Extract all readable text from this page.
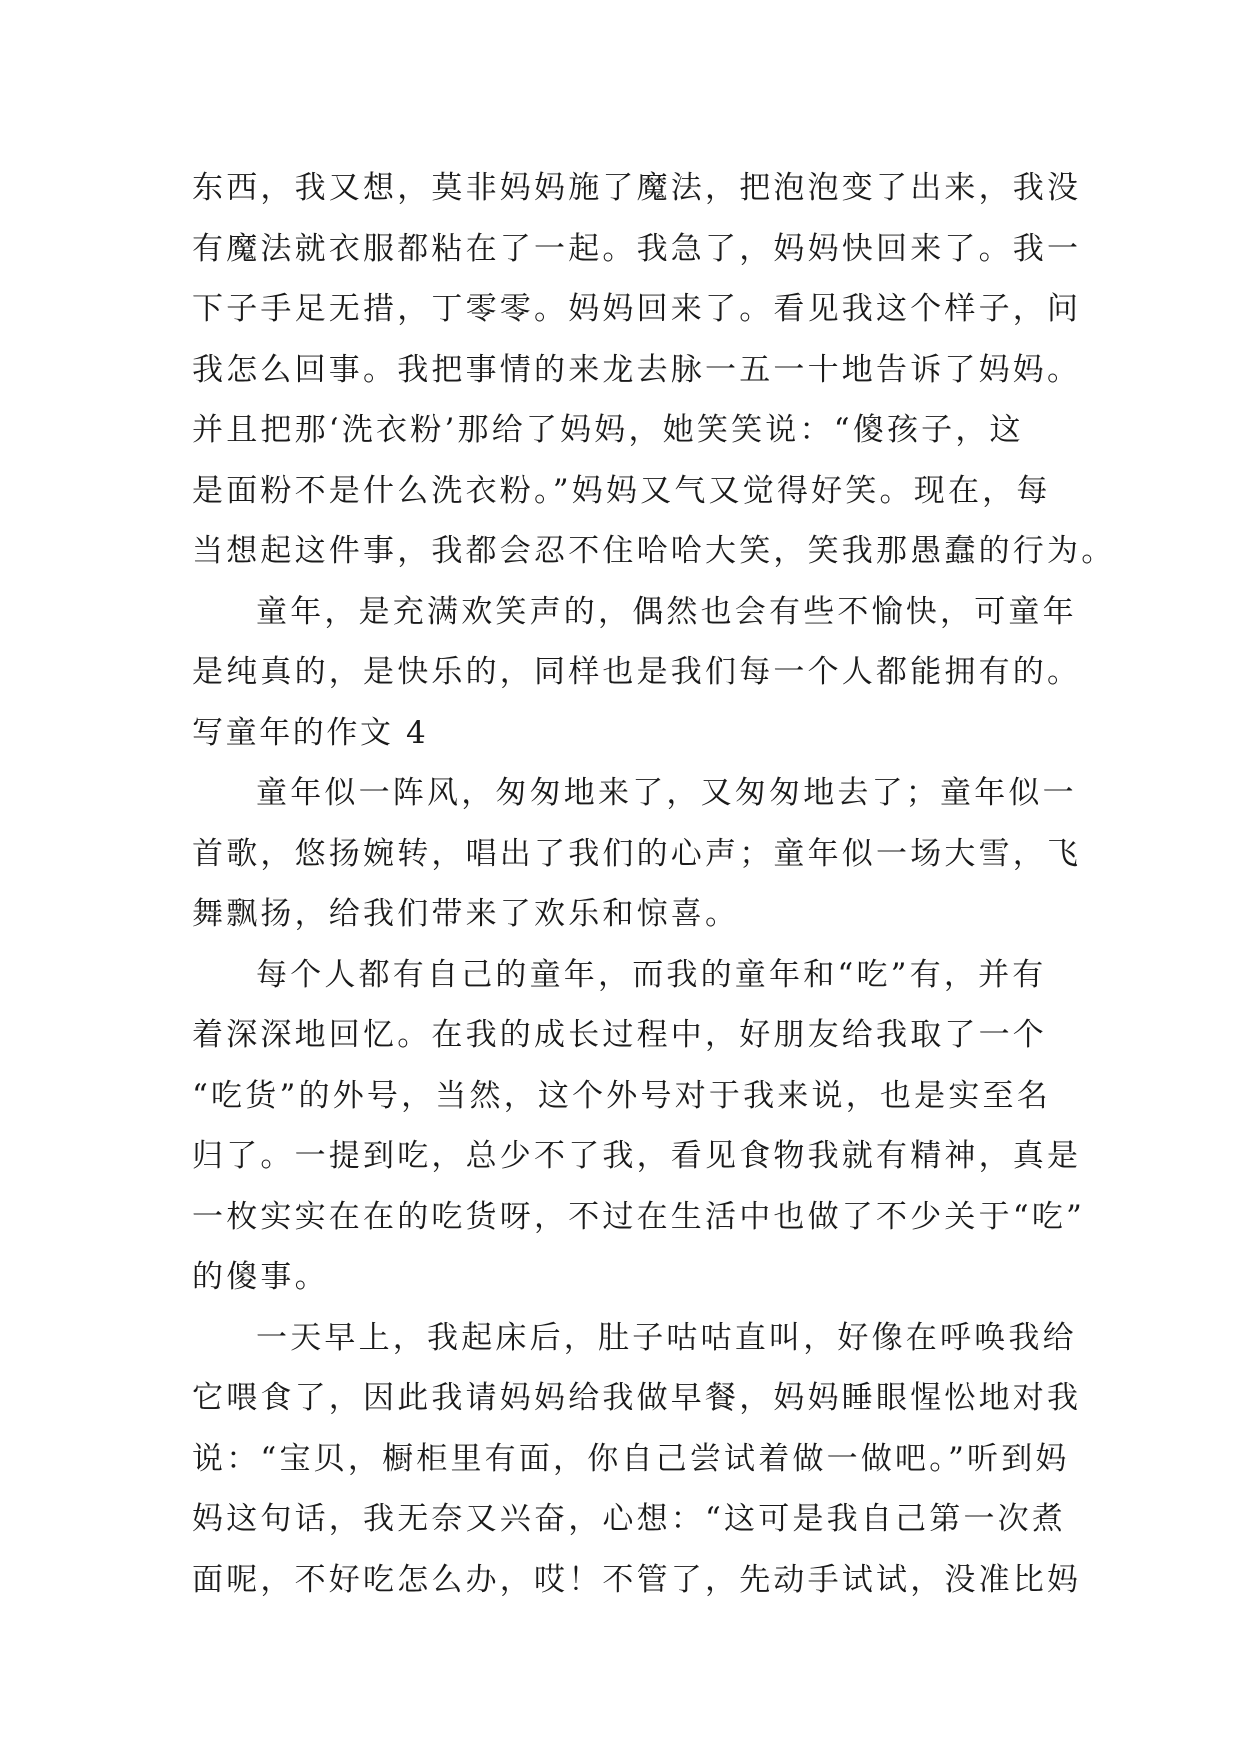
东西，我又想，莫非妈妈施了魔法，把泡泡变了出来，我没
有魔法就衣服都粘在了一起。我急了，妈妈快回来了。我一
下子手足无措，丁零零。妈妈回来了。看见我这个样子，问
我怎么回事。我把事情的来龙去脉一五一十地告诉了妈妈。
并且把那‘洗衣粉’那给了妈妈，她笑笑说：“傻孩子，这
是面粉不是什么洗衣粉。”妈妈又气又觉得好笑。现在，每
当想起这件事，我都会忍不住哈哈大笑，笑我那愚蠢的行为。
童年，是充满欢笑声的，偶然也会有些不愉快，可童年
是纯真的，是快乐的，同样也是我们每一个人都能拥有的。
写童年的作文 4
童年似一阵风，匆匆地来了，又匆匆地去了；童年似一
首歌，悠扬婉转，唱出了我们的心声；童年似一场大雪，飞
舞飘扬，给我们带来了欢乐和惊喜。
每个人都有自己的童年，而我的童年和“吃”有，并有
着深深地回忆。在我的成长过程中，好朋友给我取了一个
“吃货”的外号，当然，这个外号对于我来说，也是实至名
归了。一提到吃，总少不了我，看见食物我就有精神，真是
一枚实实在在的吃货呀，不过在生活中也做了不少关于“吃”
的傻事。
一天早上，我起床后，肚子咕咕直叫，好像在呼唤我给
它喂食了，因此我请妈妈给我做早餐，妈妈睡眼惺忪地对我
说：“宝贝，橱柜里有面，你自己尝试着做一做吧。”听到妈
妈这句话，我无奈又兴奋，心想：“这可是我自己第一次煮
面呢，不好吃怎么办，哎！不管了，先动手试试，没准比妈
